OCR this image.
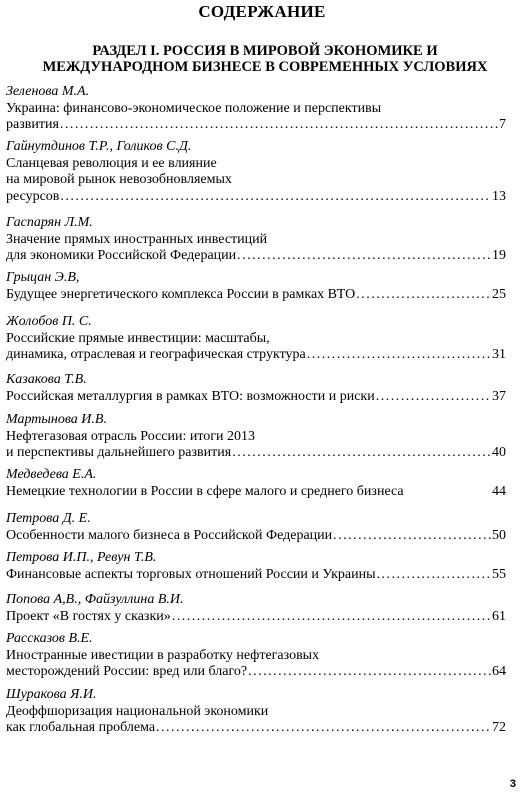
СОДЕРЖАНИЕ
РАЗДЕЛ I. РОССИЯ В МИРОВОЙ ЭКОНОМИКЕ И
МЕЖДУНАРОДНОМ БИЗНЕСЕ В СОВРЕМЕННЫХ УСЛОВИЯХ
Зеленова М.А.
Украина: финансово-экономическое положение и перспективы
развития .....	7
Гайнутдинов Т.Р., Голиков С.Д.
Сланцевая революция и ее влияние
на мировой рынок невозобновляемых
ресурсов .....	13
Гаспарян Л.М.
Значение прямых иностранных инвестиций
для экономики Российской Федерации .....	19
Грыцан Э.В,
Будущее энергетического комплекса России в рамках ВТО .....	25
Жолобов П. С.
Российские прямые инвестиции: масштабы,
динамика, отраслевая и географическая структура .....	31
Казакова Т.В.
Российская металлургия в рамках ВТО: возможности и риски .....	37
Мартынова И.В.
Нефтегазовая отрасль России: итоги 2013
и перспективы дальнейшего развития .....	40
Медведева Е.А.
Немецкие технологии в России в сфере малого и среднего бизнеса	44
Петрова Д. Е.
Особенности малого бизнеса в Российской Федерации .....	50
Петрова И.П., Ревун Т.В.
Финансовые аспекты торговых отношений России и Украины .....	55
Попова А,В., Файзуллина В.И.
Проект «В гостях у сказки» .....	61
Рассказов В.Е.
Иностранные ивестиции в разработку нефтегазовых
месторождений России: вред или благо? .....	64
Шуракова Я.И.
Деоффшоризация национальной экономики
как глобальная проблема .....	72
3
